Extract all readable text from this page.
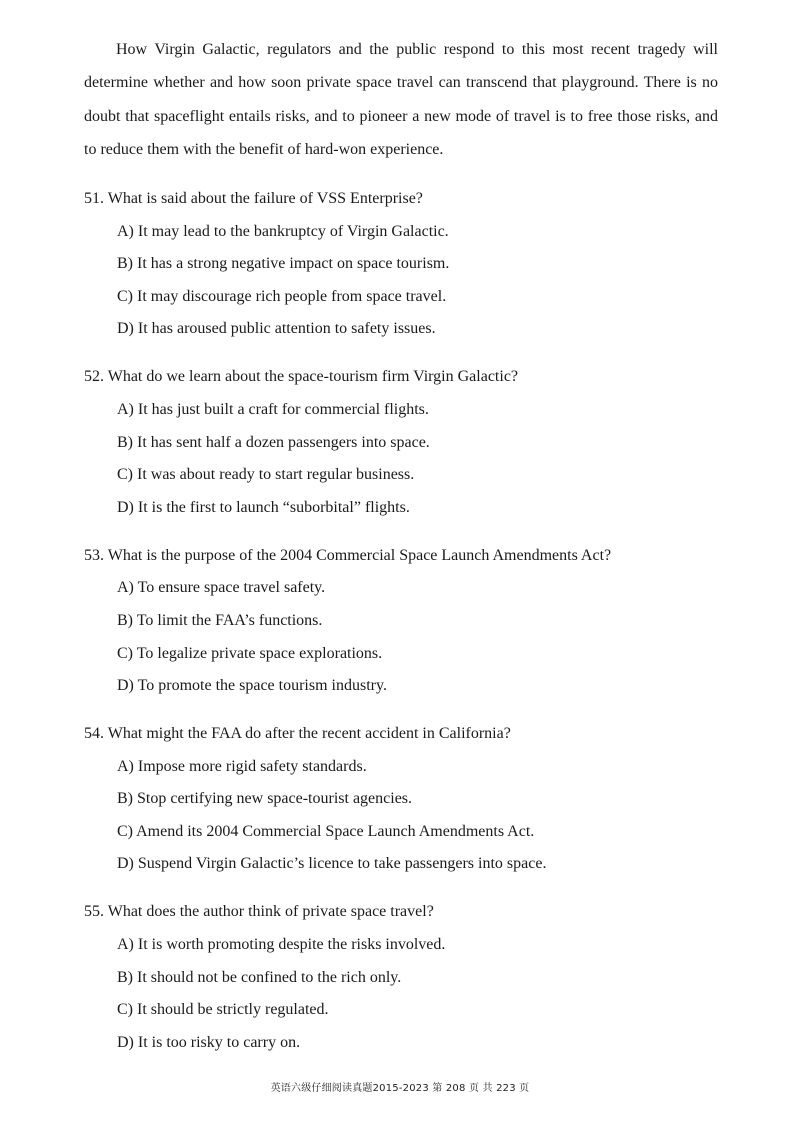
How Virgin Galactic, regulators and the public respond to this most recent tragedy will determine whether and how soon private space travel can transcend that playground. There is no doubt that spaceflight entails risks, and to pioneer a new mode of travel is to free those risks, and to reduce them with the benefit of hard-won experience.

51. What is said about the failure of VSS Enterprise?

A) It may lead to the bankruptcy of Virgin Galactic.
B) It has a strong negative impact on space tourism.
C) It may discourage rich people from space travel.
D) It has aroused public attention to safety issues.

52. What do we learn about the space-tourism firm Virgin Galactic?

A) It has just built a craft for commercial flights.
B) It has sent half a dozen passengers into space.
C) It was about ready to start regular business.
D) It is the first to launch “suborbital” flights.

53. What is the purpose of the 2004 Commercial Space Launch Amendments Act?

A) To ensure space travel safety.
B) To limit the FAA’s functions.
C) To legalize private space explorations.
D) To promote the space tourism industry.

54. What might the FAA do after the recent accident in California?

A) Impose more rigid safety standards.
B) Stop certifying new space-tourist agencies.
C) Amend its 2004 Commercial Space Launch Amendments Act.
D) Suspend Virgin Galactic’s licence to take passengers into space.

55. What does the author think of private space travel?

A) It is worth promoting despite the risks involved.
B) It should not be confined to the rich only.
C) It should be strictly regulated.
D) It is too risky to carry on.
英语六级仔细阅读真题2015-2023 第 208 页 共 223 页
